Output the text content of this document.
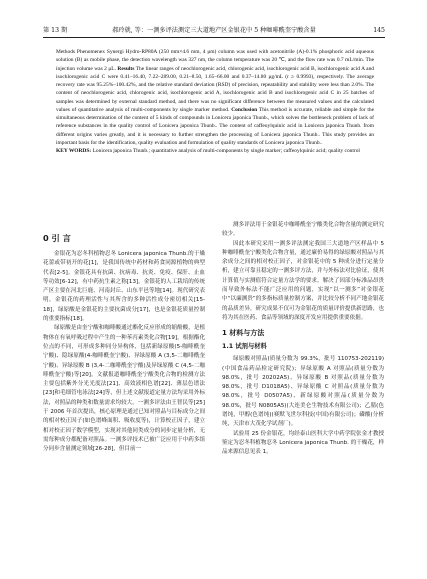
第 13 期	郝玲就, 等：一测多评法测定三大道地产区金银花中 5 种咖啡酰奎宁酸含量	145
Methods Phenomenex Synergi Hydro-RP80A (250 mm×4.6 mm, 4 μm) column was used with acetonitrile (A)-0.1% phosphoric acid aqueous solution (B) as mobile phase, the detection wavelength was 327 nm, the column temperature was 20 ℃, and the flow rate was 0.7 mL/min. The injection volume was 2 μL. Results The linear ranges of neochlorogenic acid, chlorogenic acid, isochlorogenic acid B, isochlorogenic acid A and isochlorogenic acid C were 0.41–16.40, 7.22–289.00, 0.21–8.50, 1.65–66.00 and 0.37–14.80 μg/mL (r ≥ 0.9993), respectively. The average recovery rate was 95.25%–100.42%, and the relative standard deviation (RSD) of precision, repeatability and stability were less than 2.0%. The content of neochlorogenic acid, chlorogenic acid, isochlorogenic acid A, isochlorogenic acid B and isochlorogenic acid C in 25 batches of samples was determined by external standard method, and there was no significant difference between the measured values and the calculated values of quantitative analysis of multi-components by single marker method. Conclusion This method is accurate, reliable and simple for the simultaneous determination of the content of 5 kinds of compounds in Lonicera japonica Thunb., which solves the bottleneck problem of lack of reference substances in the quality control of Lonicera japonica Thunb.. The content of caffeoylquinic acid in Lonicera japonica Thunb. from different origins varies greatly, and it is necessary to further strengthen the processing of Lonicera japonica Thunb.. This study provides an important basis for the identification, quality evaluation and formulation of quality standards of Lonicera japonica Thunb..
KEY WORDS: Lonicera japonica Thunb.; quantitative analysis of multi-components by single marker; caffeoylquinic acid; quality control
0 引 言

金银花为忍冬科植物忍冬 Lonicera japonica Thunb.的干燥花蕾或带初开的花[1]，是我国传统中药材和药食同源植物的典型代表[2-5]。金银花具有抗菌、抗病毒、抗炎、免疫、保肝、止血等功效[6-12]，有中药抗生素之称[13]。金银花的人工栽培的传统产区主要在河北巨鹿、河南封丘、山东平邑等地[14]。现代研究表明，金银花的药理活性与其所含的多种活性成分密切相关[15-18]，绿原酸是金银花的主要抗菌成分[17]，也是金银花质量控制的重要指标[18]。

绿原酸是由奎宁酸和咖啡酸通过酯化反应形成的缩酚酸，是植物体在有氧呼吸过程中产生的一种苯丙素类化合物[19]，根据酯化位点的不同，可形成多种同分异构体，包括新绿原酸(5-咖啡酰奎宁酸)、隐绿原酸(4-咖啡酰奎宁酸)、异绿原酸 A (3,5-二咖啡酰奎宁酸)、异绿原酸 B (3,4-二咖啡酰奎宁酸)及异绿原酸 C (4,5-二咖啡酰奎宁酸)等[20]。文献报道咖啡酰奎宁酸类化合物的检测方法主要包括紫外分光光度法[21]、高效液相色谱[22]、薄层色谱法[23]和毛细管电泳法[24]等，但上述文献报道定量方法均采用外标法，对照品的种类和数量需求均较大。一测多评法由王智民等[25]于 2006 年首次提出，核心原理是通过已知对照品与目标成分之间的相对校正因子(如色谱峰面积、吸收度等)，计算校正因子，建立相对校正因子数学模型，实现对其他同类成分的同步定量分析，无需每种成分都配备对照品。一测多评技术已被广泛应用于中药多组分同步含量测定领域[26-28]，但目前一

测多评法用于金银花中咖啡酰奎宁酸类化合物含量的测定研究较少。

因此本研究采用一测多评法测定我国三大道地产区样品中 5 种咖啡酰奎宁酸类化合物含量，通过廉价易得的绿原酸对照品与其余成分之间的相对校正因子，对金银花中的 5 种成分进行定量分析，建立可靠且稳定的一测多评方法，并与外标法对比验证，使其计算值与实测值符合定量方法学的要求。解决了因部分标准品昂贵而导致外标法不能广泛应用的问题，实现“以一测多”对金银花中“以廉测贵”的多指标质量控制方案，并比较分析不同产地金银花的品质差异，研究成果不仅可为金银花的质量评价提供新思路，也将为其在医药、食品等领域的深度开发应用提供重要依据。

1 材料与方法
1.1 试剂与材料

绿原酸对照品(质量分数为 99.3%，批号 110753-202119) (中国食品药品检定研究院)；异绿原酸 A 对照品(质量分数为 98.0%，批号 20202A5)、异绿原酸 B 对照品(质量分数为 98.0%，批号 D1018A5)、异绿原酸 C 对照品(质量分数为 98.0%，批号 D0507A5)、新绿原酸对照品(质量分数为 98.0%，批号 N0805A5)(大连美仑生物技术有限公司)；乙腈(色谱纯，甲醇(色谱纯)(赛默飞世尔科技(中国)有限公司)；磷酸(分析纯，天津市大茂化学试剂厂)。

试验用 25 份金银花，均经泰山医科大学中药学院张金才教授鉴定为忍冬科植物忍冬 Lonicera japonica Thunb. 的干燥花，样品来源信息见表 1。
